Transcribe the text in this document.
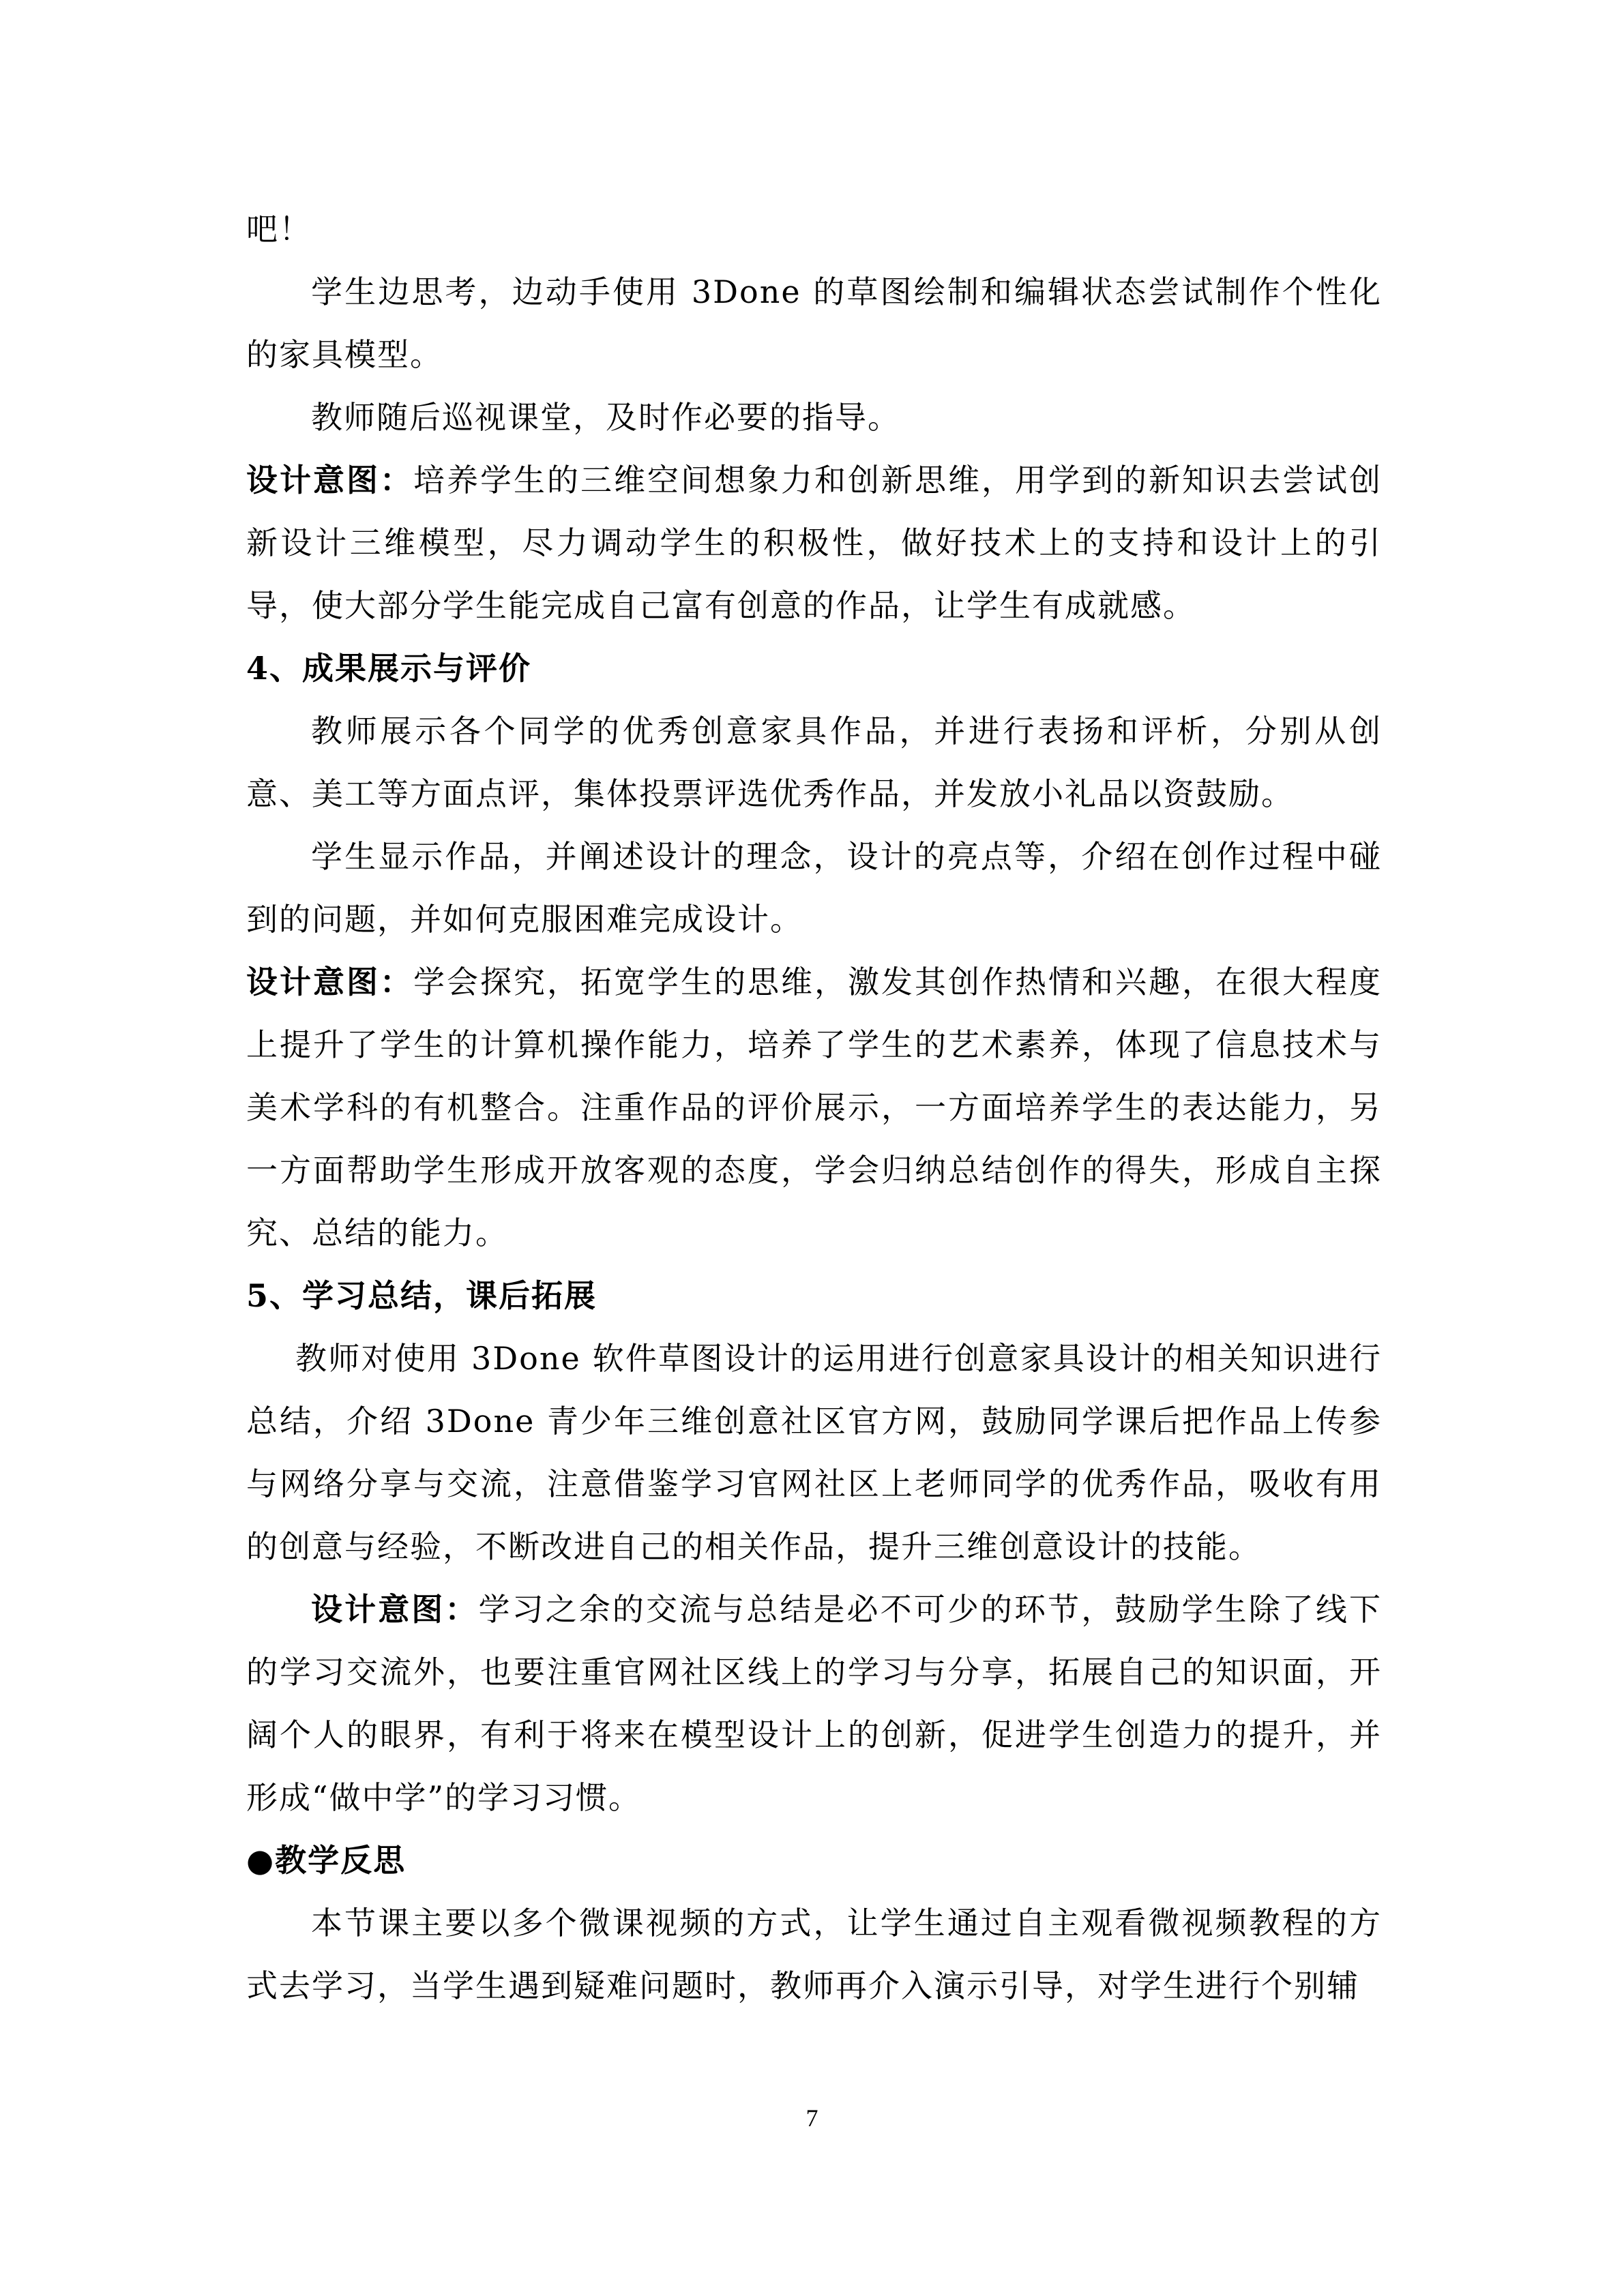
吧！

学生边思考，边动手使用 3Done 的草图绘制和编辑状态尝试制作个性化的家具模型。

教师随后巡视课堂，及时作必要的指导。

设计意图：培养学生的三维空间想象力和创新思维，用学到的新知识去尝试创新设计三维模型，尽力调动学生的积极性，做好技术上的支持和设计上的引导，使大部分学生能完成自己富有创意的作品，让学生有成就感。

4、成果展示与评价

教师展示各个同学的优秀创意家具作品，并进行表扬和评析，分别从创意、美工等方面点评，集体投票评选优秀作品，并发放小礼品以资鼓励。

学生显示作品，并阐述设计的理念，设计的亮点等，介绍在创作过程中碰到的问题，并如何克服困难完成设计。

设计意图：学会探究，拓宽学生的思维，激发其创作热情和兴趣，在很大程度上提升了学生的计算机操作能力，培养了学生的艺术素养，体现了信息技术与美术学科的有机整合。注重作品的评价展示，一方面培养学生的表达能力，另一方面帮助学生形成开放客观的态度，学会归纳总结创作的得失，形成自主探究、总结的能力。

5、学习总结，课后拓展

教师对使用 3Done 软件草图设计的运用进行创意家具设计的相关知识进行总结，介绍 3Done 青少年三维创意社区官方网，鼓励同学课后把作品上传参与网络分享与交流，注意借鉴学习官网社区上老师同学的优秀作品，吸收有用的创意与经验，不断改进自己的相关作品，提升三维创意设计的技能。

设计意图：学习之余的交流与总结是必不可少的环节，鼓励学生除了线下的学习交流外，也要注重官网社区线上的学习与分享，拓展自己的知识面，开阔个人的眼界，有利于将来在模型设计上的创新，促进学生创造力的提升，并形成“做中学”的学习习惯。

●教学反思

本节课主要以多个微课视频的方式，让学生通过自主观看微视频教程的方式去学习，当学生遇到疑难问题时，教师再介入演示引导，对学生进行个别辅

7
